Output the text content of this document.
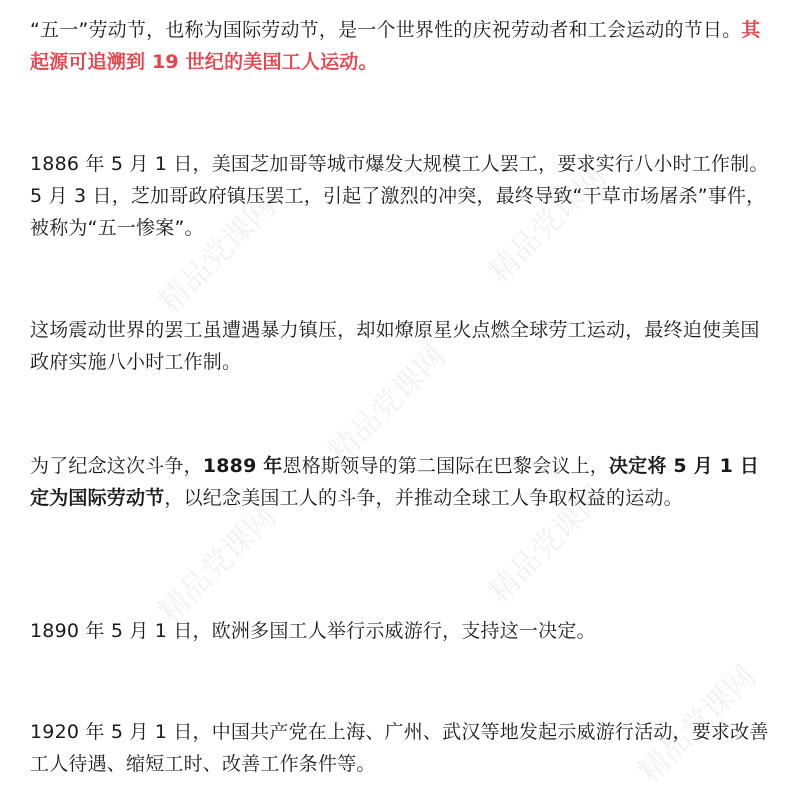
“五一”劳动节，也称为国际劳动节，是一个世界性的庆祝劳动者和工会运动的节日。其起源可追溯到 19 世纪的美国工人运动。

1886 年 5 月 1 日，美国芝加哥等城市爆发大规模工人罢工，要求实行八小时工作制。5 月 3 日，芝加哥政府镇压罢工，引起了激烈的冲突，最终导致“干草市场屠杀”事件，被称为“五一惨案”。

这场震动世界的罢工虽遭遇暴力镇压，却如燎原星火点燃全球劳工运动，最终迫使美国政府实施八小时工作制。

为了纪念这次斗争，1889 年恩格斯领导的第二国际在巴黎会议上，决定将 5 月 1 日定为国际劳动节，以纪念美国工人的斗争，并推动全球工人争取权益的运动。

1890 年 5 月 1 日，欧洲多国工人举行示威游行，支持这一决定。

1920 年 5 月 1 日，中国共产党在上海、广州、武汉等地发起示威游行活动，要求改善工人待遇、缩短工时、改善工作条件等。

精品党课网	精品党课网
精品党课网
精品党课网	精品党课网
精品党课网
